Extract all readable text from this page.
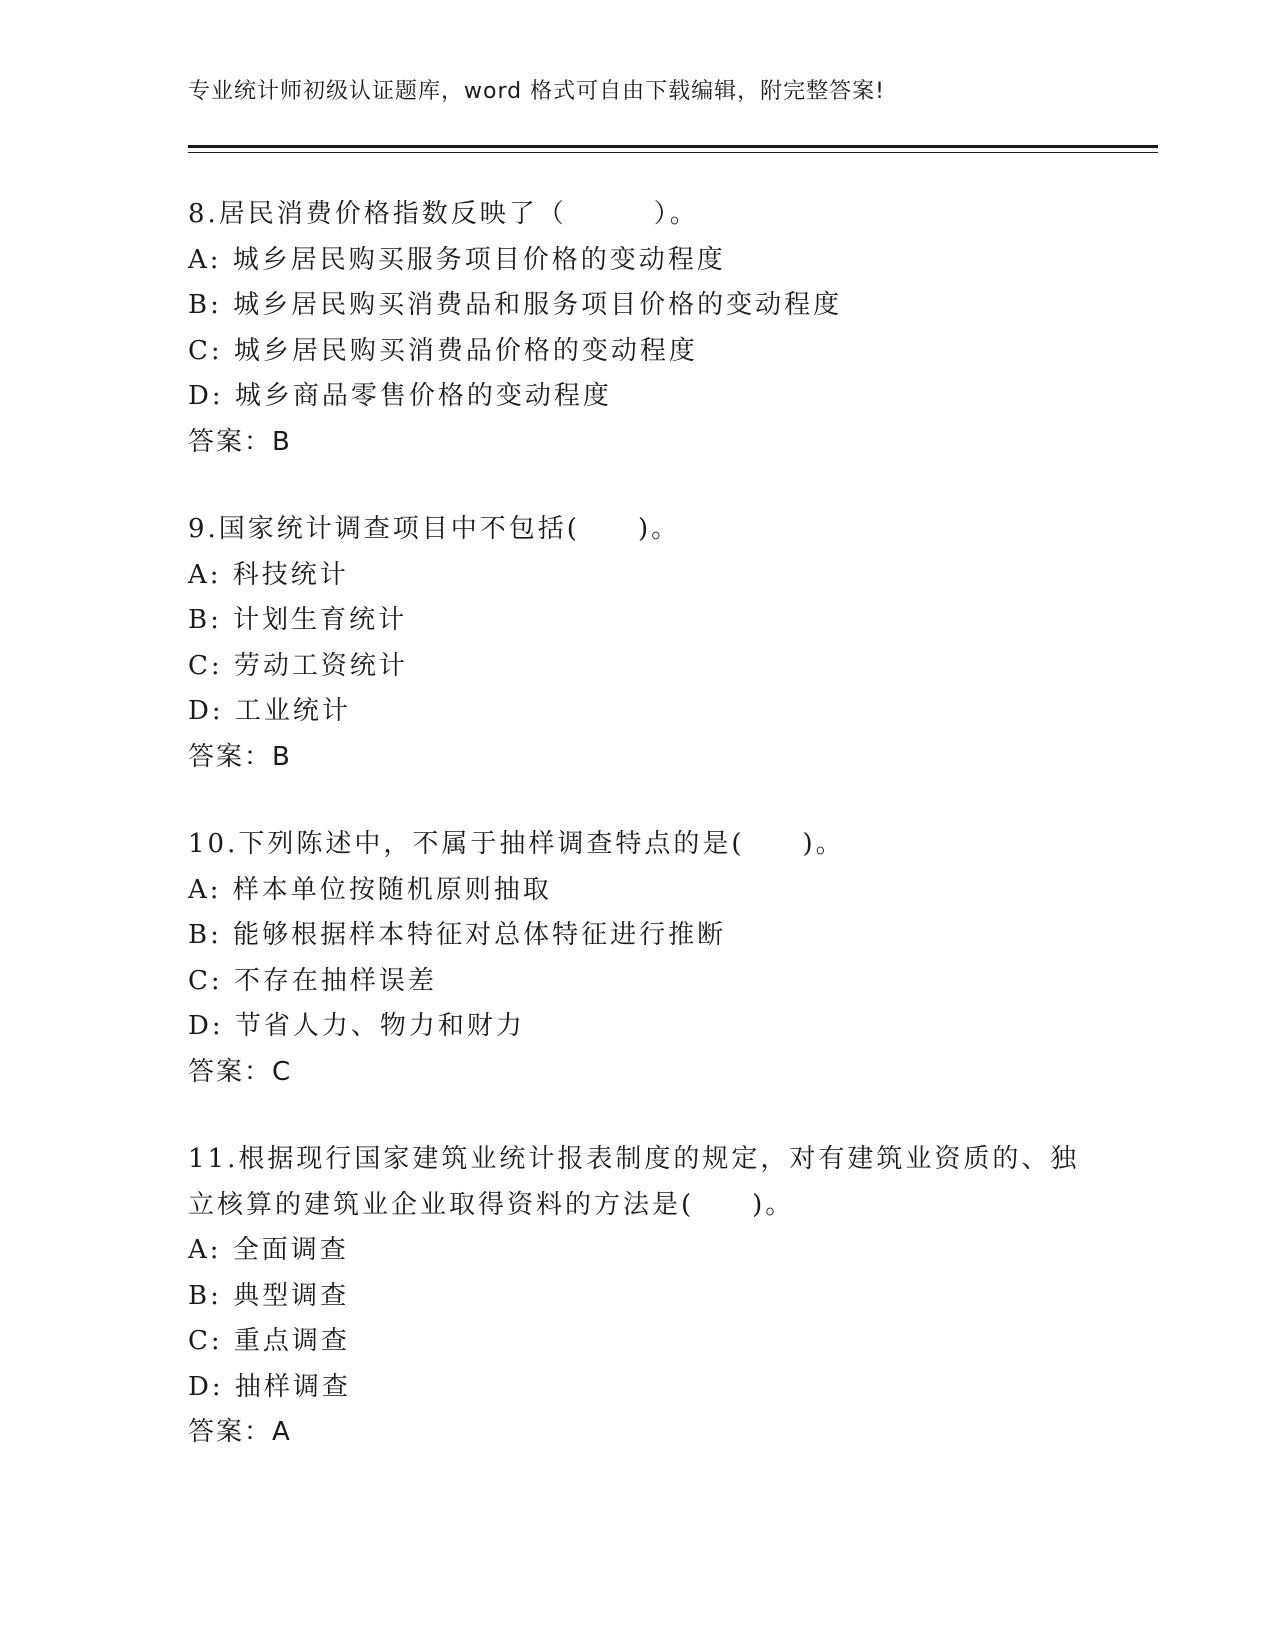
专业统计师初级认证题库，word 格式可自由下载编辑，附完整答案!
8.居民消费价格指数反映了（　　　）。
A: 城乡居民购买服务项目价格的变动程度
B: 城乡居民购买消费品和服务项目价格的变动程度
C: 城乡居民购买消费品价格的变动程度
D: 城乡商品零售价格的变动程度
答案：B
9.国家统计调查项目中不包括(　　)。
A: 科技统计
B: 计划生育统计
C: 劳动工资统计
D: 工业统计
答案：B
10.下列陈述中，不属于抽样调查特点的是(　　)。
A: 样本单位按随机原则抽取
B: 能够根据样本特征对总体特征进行推断
C: 不存在抽样误差
D: 节省人力、物力和财力
答案：C
11.根据现行国家建筑业统计报表制度的规定，对有建筑业资质的、独
立核算的建筑业企业取得资料的方法是(　　)。
A: 全面调查
B: 典型调查
C: 重点调查
D: 抽样调查
答案：A
